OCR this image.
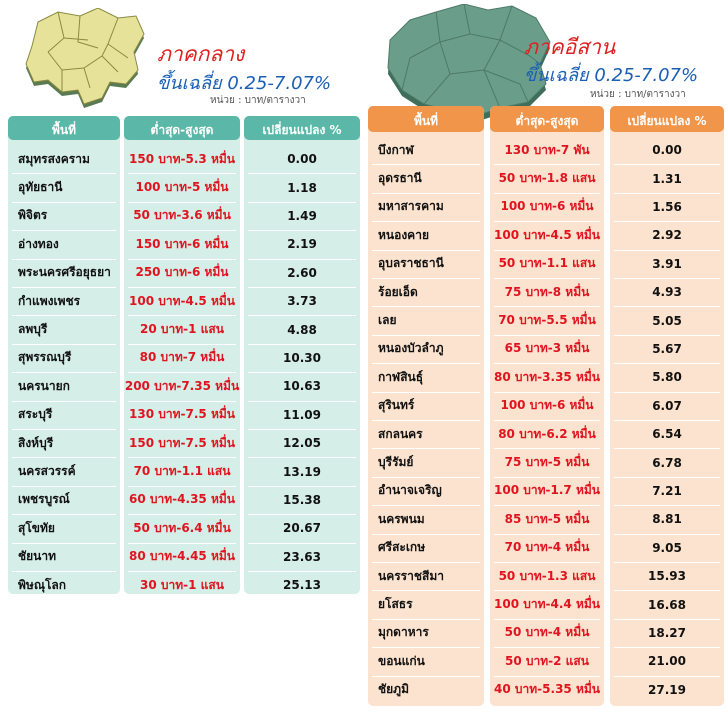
ภาคกลาง
ขึ้นเฉลี่ย 0.25-7.07%
หน่วย : บาท/ตารางวา
พื้นที่	ต่ำสุด-สูงสุด	เปลี่ยนแปลง %
สมุทรสงคราม	150 บาท-5.3 หมื่น	0.00
อุทัยธานี	100 บาท-5 หมื่น	1.18
พิจิตร	50 บาท-3.6 หมื่น	1.49
อ่างทอง	150 บาท-6 หมื่น	2.19
พระนครศรีอยุธยา	250 บาท-6 หมื่น	2.60
กำแพงเพชร	100 บาท-4.5 หมื่น	3.73
ลพบุรี	20 บาท-1 แสน	4.88
สุพรรณบุรี	80 บาท-7 หมื่น	10.30
นครนายก	200 บาท-7.35 หมื่น	10.63
สระบุรี	130 บาท-7.5 หมื่น	11.09
สิงห์บุรี	150 บาท-7.5 หมื่น	12.05
นครสวรรค์	70 บาท-1.1 แสน	13.19
เพชรบูรณ์	60 บาท-4.35 หมื่น	15.38
สุโขทัย	50 บาท-6.4 หมื่น	20.67
ชัยนาท	80 บาท-4.45 หมื่น	23.63
พิษณุโลก	30 บาท-1 แสน	25.13
ภาคอีสาน
ขึ้นเฉลี่ย 0.25-7.07%
หน่วย : บาท/ตารางวา
พื้นที่	ต่ำสุด-สูงสุด	เปลี่ยนแปลง %
บึงกาฬ	130 บาท-7 พัน	0.00
อุดรธานี	50 บาท-1.8 แสน	1.31
มหาสารคาม	100 บาท-6 หมื่น	1.56
หนองคาย	100 บาท-4.5 หมื่น	2.92
อุบลราชธานี	50 บาท-1.1 แสน	3.91
ร้อยเอ็ด	75 บาท-8 หมื่น	4.93
เลย	70 บาท-5.5 หมื่น	5.05
หนองบัวลำภู	65 บาท-3 หมื่น	5.67
กาฬสินธุ์	80 บาท-3.35 หมื่น	5.80
สุรินทร์	100 บาท-6 หมื่น	6.07
สกลนคร	80 บาท-6.2 หมื่น	6.54
บุรีรัมย์	75 บาท-5 หมื่น	6.78
อำนาจเจริญ	100 บาท-1.7 หมื่น	7.21
นครพนม	85 บาท-5 หมื่น	8.81
ศรีสะเกษ	70 บาท-4 หมื่น	9.05
นครราชสีมา	50 บาท-1.3 แสน	15.93
ยโสธร	100 บาท-4.4 หมื่น	16.68
มุกดาหาร	50 บาท-4 หมื่น	18.27
ขอนแก่น	50 บาท-2 แสน	21.00
ชัยภูมิ	40 บาท-5.35 หมื่น	27.19
